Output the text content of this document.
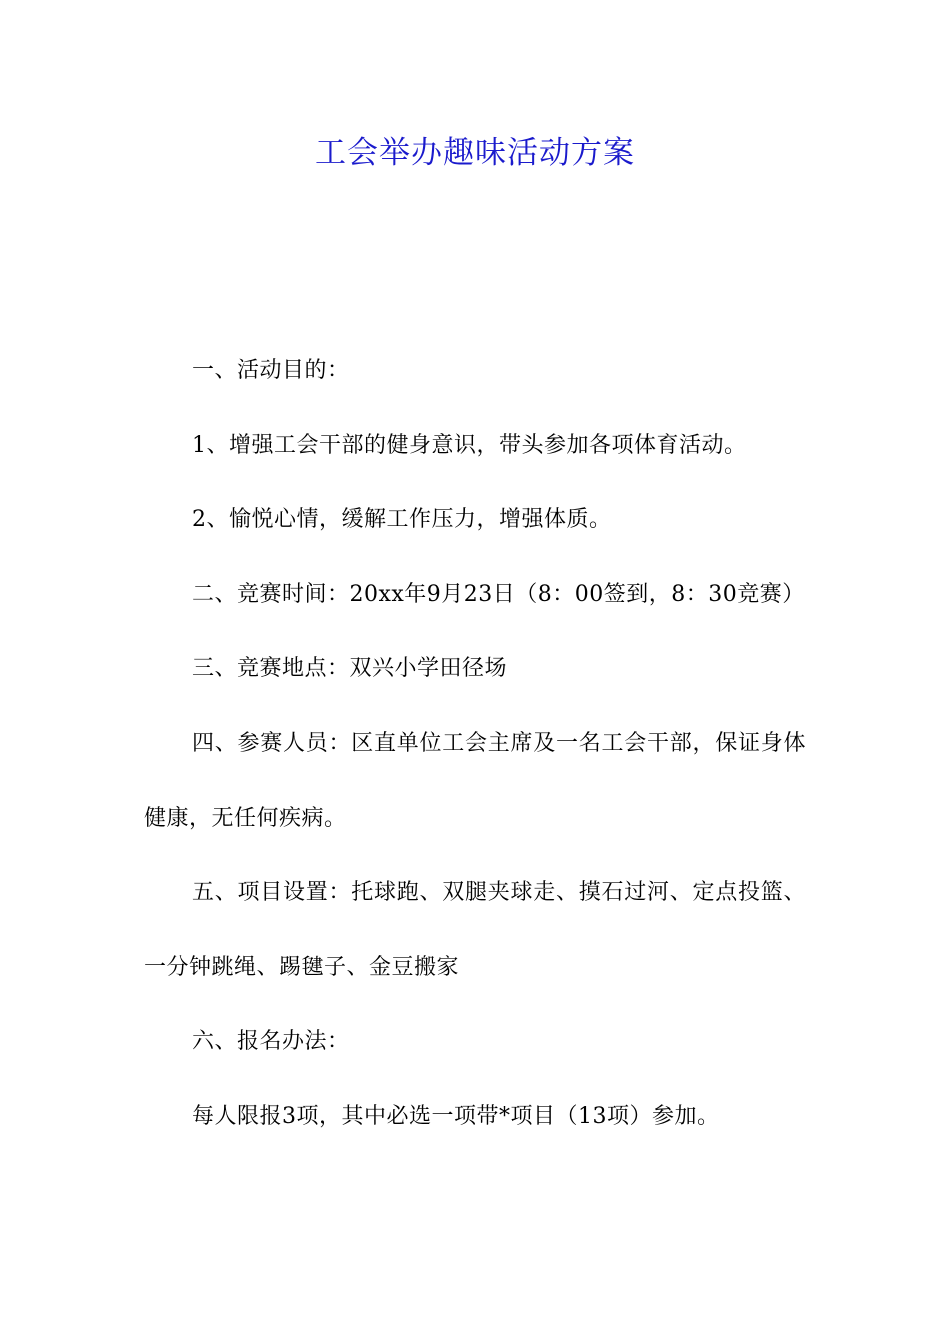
工会举办趣味活动方案

一、活动目的：

1、增强工会干部的健身意识，带头参加各项体育活动。

2、愉悦心情，缓解工作压力，增强体质。

二、竞赛时间：20xx年9月23日（8：00签到，8：30竞赛）

三、竞赛地点：双兴小学田径场

四、参赛人员：区直单位工会主席及一名工会干部，保证身体健康，无任何疾病。

五、项目设置：托球跑、双腿夹球走、摸石过河、定点投篮、一分钟跳绳、踢毽子、金豆搬家

六、报名办法：

每人限报3项，其中必选一项带*项目（13项）参加。
